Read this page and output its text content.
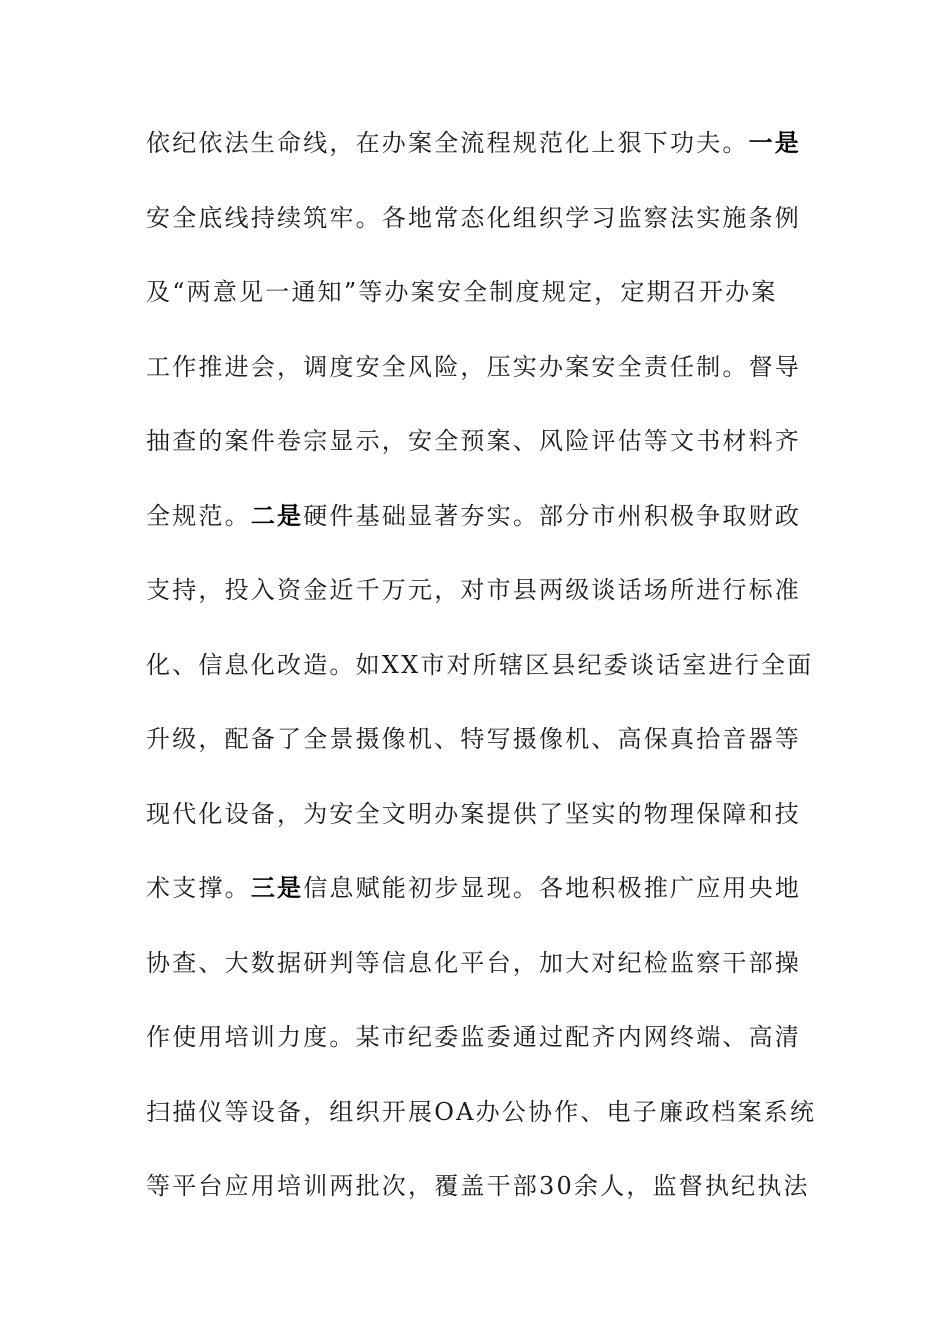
依纪依法生命线，在办案全流程规范化上狠下功夫。一是
安全底线持续筑牢。各地常态化组织学习监察法实施条例
及“两意见一通知”等办案安全制度规定，定期召开办案
工作推进会，调度安全风险，压实办案安全责任制。督导
抽查的案件卷宗显示，安全预案、风险评估等文书材料齐
全规范。二是硬件基础显著夯实。部分市州积极争取财政
支持，投入资金近千万元，对市县两级谈话场所进行标准
化、信息化改造。如XX市对所辖区县纪委谈话室进行全面
升级，配备了全景摄像机、特写摄像机、高保真拾音器等
现代化设备，为安全文明办案提供了坚实的物理保障和技
术支撑。三是信息赋能初步显现。各地积极推广应用央地
协查、大数据研判等信息化平台，加大对纪检监察干部操
作使用培训力度。某市纪委监委通过配齐内网终端、高清
扫描仪等设备，组织开展OA办公协作、电子廉政档案系统
等平台应用培训两批次，覆盖干部30余人，监督执纪执法
